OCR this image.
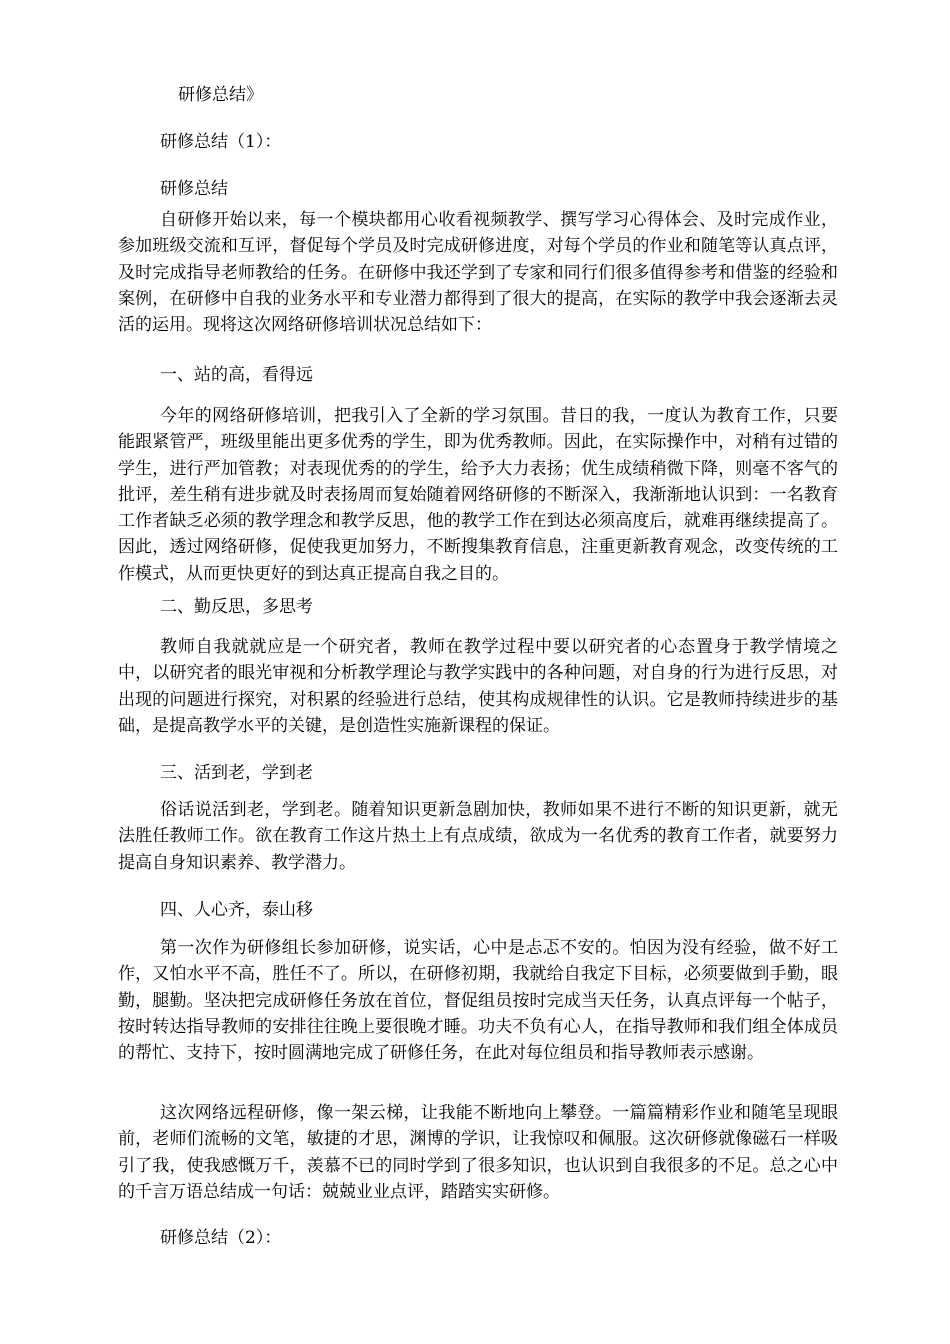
研修总结》
研修总结（1）：
研修总结

自研修开始以来，每一个模块都用心收看视频教学、撰写学习心得体会、及时完成作业，参加班级交流和互评，督促每个学员及时完成研修进度，对每个学员的作业和随笔等认真点评，及时完成指导老师教给的任务。在研修中我还学到了专家和同行们很多值得参考和借鉴的经验和案例，在研修中自我的业务水平和专业潜力都得到了很大的提高，在实际的教学中我会逐渐去灵活的运用。现将这次网络研修培训状况总结如下：

一、站的高，看得远

今年的网络研修培训，把我引入了全新的学习氛围。昔日的我，一度认为教育工作，只要能跟紧管严，班级里能出更多优秀的学生，即为优秀教师。因此，在实际操作中，对稍有过错的学生，进行严加管教；对表现优秀的的学生，给予大力表扬；优生成绩稍微下降，则毫不客气的批评，差生稍有进步就及时表扬周而复始随着网络研修的不断深入，我渐渐地认识到：一名教育工作者缺乏必须的教学理念和教学反思，他的教学工作在到达必须高度后，就难再继续提高了。因此，透过网络研修，促使我更加努力，不断搜集教育信息，注重更新教育观念，改变传统的工作模式，从而更快更好的到达真正提高自我之目的。

二、勤反思，多思考

教师自我就就应是一个研究者，教师在教学过程中要以研究者的心态置身于教学情境之中，以研究者的眼光审视和分析教学理论与教学实践中的各种问题，对自身的行为进行反思，对出现的问题进行探究，对积累的经验进行总结，使其构成规律性的认识。它是教师持续进步的基础，是提高教学水平的关键，是创造性实施新课程的保证。

三、活到老，学到老

俗话说活到老，学到老。随着知识更新急剧加快，教师如果不进行不断的知识更新，就无法胜任教师工作。欲在教育工作这片热土上有点成绩，欲成为一名优秀的教育工作者，就要努力提高自身知识素养、教学潜力。

四、人心齐，泰山移

第一次作为研修组长参加研修，说实话，心中是忐忑不安的。怕因为没有经验，做不好工作，又怕水平不高，胜任不了。所以，在研修初期，我就给自我定下目标，必须要做到手勤，眼勤，腿勤。坚决把完成研修任务放在首位，督促组员按时完成当天任务，认真点评每一个帖子，按时转达指导教师的安排往往晚上要很晚才睡。功夫不负有心人，在指导教师和我们组全体成员的帮忙、支持下，按时圆满地完成了研修任务，在此对每位组员和指导教师表示感谢。

这次网络远程研修，像一架云梯，让我能不断地向上攀登。一篇篇精彩作业和随笔呈现眼前，老师们流畅的文笔，敏捷的才思，渊博的学识，让我惊叹和佩服。这次研修就像磁石一样吸引了我，使我感慨万千，羡慕不已的同时学到了很多知识，也认识到自我很多的不足。总之心中的千言万语总结成一句话：兢兢业业点评，踏踏实实研修。

研修总结（2）：
